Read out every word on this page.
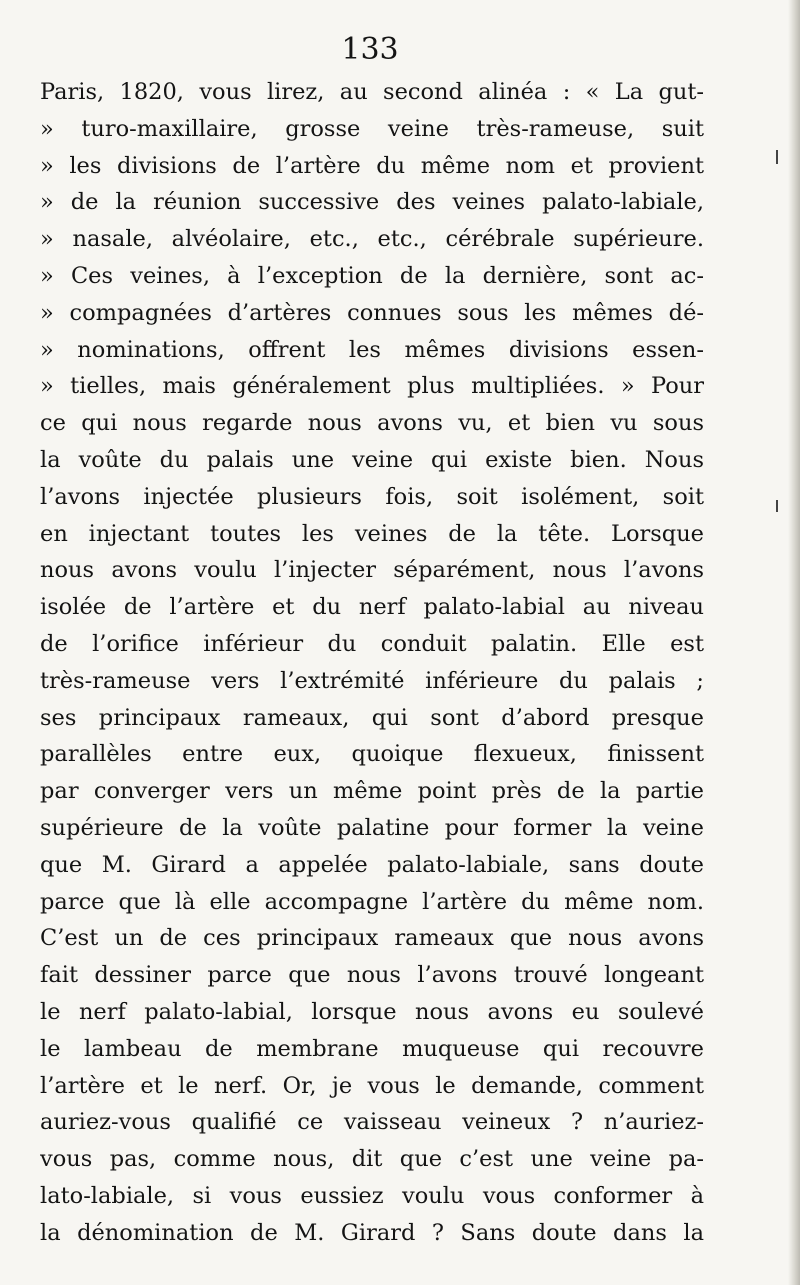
133
Paris, 1820, vous lirez, au second alinéa : « La gut-
» turo-maxillaire, grosse veine très-rameuse, suit
» les divisions de l’artère du même nom et provient
» de la réunion successive des veines palato-labiale,
» nasale, alvéolaire, etc., etc., cérébrale supérieure.
» Ces veines, à l’exception de la dernière, sont ac-
» compagnées d’artères connues sous les mêmes dé-
» nominations, offrent les mêmes divisions essen-
» tielles, mais généralement plus multipliées. » Pour
ce qui nous regarde nous avons vu, et bien vu sous
la voûte du palais une veine qui existe bien. Nous
l’avons injectée plusieurs fois, soit isolément, soit
en injectant toutes les veines de la tête. Lorsque
nous avons voulu l’injecter séparément, nous l’avons
isolée de l’artère et du nerf palato-labial au niveau
de l’orifice inférieur du conduit palatin. Elle est
très-rameuse vers l’extrémité inférieure du palais ;
ses principaux rameaux, qui sont d’abord presque
parallèles entre eux, quoique flexueux, finissent
par converger vers un même point près de la partie
supérieure de la voûte palatine pour former la veine
que M. Girard a appelée palato-labiale, sans doute
parce que là elle accompagne l’artère du même nom.
C’est un de ces principaux rameaux que nous avons
fait dessiner parce que nous l’avons trouvé longeant
le nerf palato-labial, lorsque nous avons eu soulevé
le lambeau de membrane muqueuse qui recouvre
l’artère et le nerf. Or, je vous le demande, comment
auriez-vous qualifié ce vaisseau veineux ? n’auriez-
vous pas, comme nous, dit que c’est une veine pa-
lato-labiale, si vous eussiez voulu vous conformer à
la dénomination de M. Girard ? Sans doute dans la
